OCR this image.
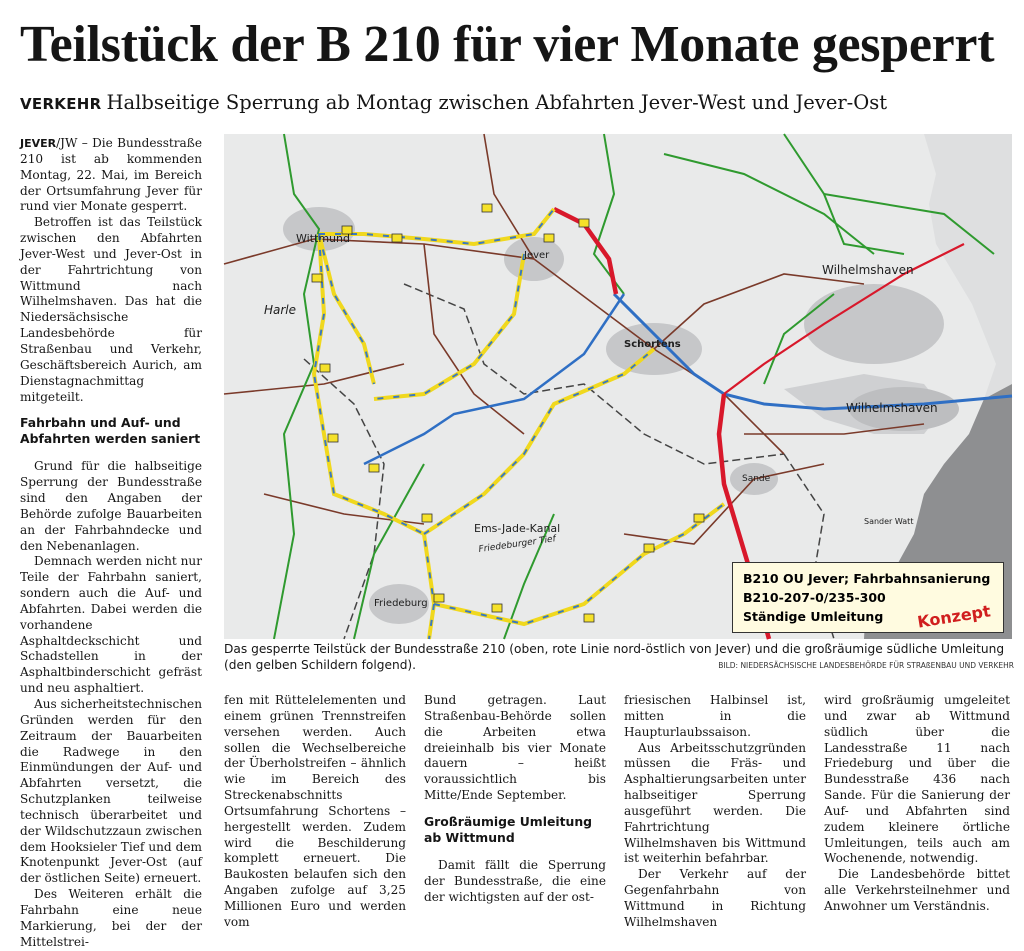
Teilstück der B 210 für vier Monate gesperrt
VERKEHR Halbseitige Sperrung ab Montag zwischen Abfahrten Jever-West und Jever-Ost

JEVER/JW – Die Bundesstraße 210 ist ab kommenden Montag, 22. Mai, im Bereich der Ortsumfahrung Jever für rund vier Monate gesperrt.

Betroffen ist das Teilstück zwischen den Abfahrten Jever-West und Jever-Ost in der Fahrtrichtung von Wittmund nach Wilhelmshaven. Das hat die Niedersächsische Landesbehörde für Straßenbau und Verkehr, Geschäftsbereich Aurich, am Dienstagnachmittag mitgeteilt.

Fahrbahn und Auf- und Abfahrten werden saniert

Grund für die halbseitige Sperrung der Bundesstraße sind den Angaben der Behörde zufolge Bauarbeiten an der Fahrbahndecke und den Nebenanlagen.

Demnach werden nicht nur Teile der Fahrbahn saniert, sondern auch die Auf- und Abfahrten. Dabei werden die vorhandene Asphaltdeckschicht und Schadstellen in der Asphaltbinderschicht gefräst und neu asphaltiert.

Aus sicherheitstechnischen Gründen werden für den Zeitraum der Bauarbeiten die Radwege in den Einmündungen der Auf- und Abfahrten versetzt, die Schutzplanken teilweise technisch überarbeitet und der Wildschutzzaun zwischen dem Hooksieler Tief und dem Knotenpunkt Jever-Ost (auf der östlichen Seite) erneuert.

Des Weiteren erhält die Fahrbahn eine neue Markierung, bei der der Mittelstrei-

Wittmund
Jever
Wilhelmshaven
Wilhelmshaven
Schortens
Sande
Friedeburg
Ems-Jade-Kanal
Friedeburger Tief
Harle
Sander Watt
B210 OU Jever; Fahrbahnsanierung
B210-207-0/235-300
Ständige Umleitung	Konzept
Das gesperrte Teilstück der Bundesstraße 210 (oben, rote Linie nord-östlich von Jever) und die großräumige südliche Umleitung (den gelben Schildern folgend).	BILD: NIEDERSÄCHSISCHE LANDESBEHÖRDE FÜR STRAßENBAU UND VERKEHR

fen mit Rüttelelementen und einem grünen Trennstreifen versehen werden. Auch sollen die Wechselbereiche der Überholstreifen – ähnlich wie im Bereich des Streckenabschnitts Ortsumfahrung Schortens – hergestellt werden. Zudem wird die Beschilderung komplett erneuert. Die Baukosten belaufen sich den Angaben zufolge auf 3,25 Millionen Euro und werden vom

Bund getragen. Laut Straßenbau-Behörde sollen die Arbeiten etwa dreieinhalb bis vier Monate dauern – heißt voraussichtlich bis Mitte/Ende September.

Großräumige Umleitung ab Wittmund

Damit fällt die Sperrung der Bundesstraße, die eine der wichtigsten auf der ost-

friesischen Halbinsel ist, mitten in die Haupturlaubssaison.

Aus Arbeitsschutzgründen müssen die Fräs- und Asphaltierungsarbeiten unter halbseitiger Sperrung ausgeführt werden. Die Fahrtrichtung Wilhelmshaven bis Wittmund ist weiterhin befahrbar.

Der Verkehr auf der Gegenfahrbahn von Wittmund in Richtung Wilhelmshaven

wird großräumig umgeleitet und zwar ab Wittmund südlich über die Landesstraße 11 nach Friedeburg und über die Bundesstraße 436 nach Sande. Für die Sanierung der Auf- und Abfahrten sind zudem kleinere örtliche Umleitungen, teils auch am Wochenende, notwendig.

Die Landesbehörde bittet alle Verkehrsteilnehmer und Anwohner um Verständnis.
